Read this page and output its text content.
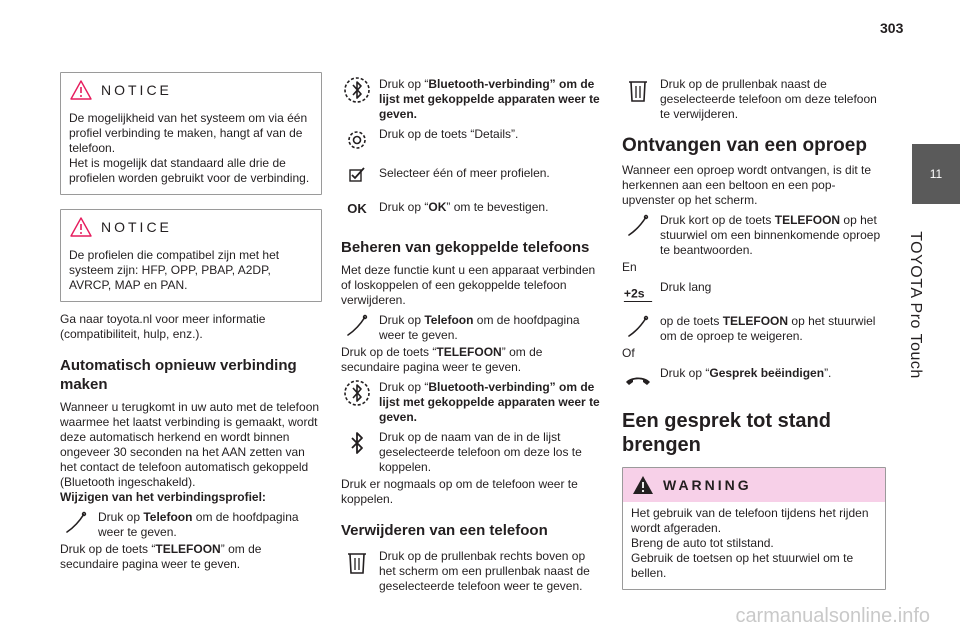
303
11
TOYOTA Pro Touch
NOTICE

De mogelijkheid van het systeem om via één profiel verbinding te maken, hangt af van de telefoon.
Het is mogelijk dat standaard alle drie de profielen worden gebruikt voor de verbinding.

NOTICE

De profielen die compatibel zijn met het systeem zijn: HFP, OPP, PBAP, A2DP, AVRCP, MAP en PAN.

Ga naar toyota.nl voor meer informatie (compatibiliteit, hulp, enz.).

Automatisch opnieuw verbinding maken

Wanneer u terugkomt in uw auto met de telefoon waarmee het laatst verbinding is gemaakt, wordt deze automatisch herkend en wordt binnen ongeveer 30 seconden na het AAN zetten van het contact de telefoon automatisch gekoppeld (Bluetooth ingeschakeld).

Wijzigen van het verbindingsprofiel:

Druk op Telefoon om de hoofdpagina weer te geven.

Druk op de toets “TELEFOON” om de secundaire pagina weer te geven.

Druk op “Bluetooth-verbinding” om de lijst met gekoppelde apparaten weer te geven.

Druk op de toets “Details”.

Selecteer één of meer profielen.

OK Druk op “OK” om te bevestigen.

Beheren van gekoppelde telefoons

Met deze functie kunt u een apparaat verbinden of loskoppelen of een gekoppelde telefoon verwijderen.

Druk op Telefoon om de hoofdpagina weer te geven.

Druk op de toets “TELEFOON” om de secundaire pagina weer te geven.

Druk op “Bluetooth-verbinding” om de lijst met gekoppelde apparaten weer te geven.

Druk op de naam van de in de lijst geselecteerde telefoon om deze los te koppelen.

Druk er nogmaals op om de telefoon weer te koppelen.

Verwijderen van een telefoon

Druk op de prullenbak rechts boven op het scherm om een prullenbak naast de geselecteerde telefoon weer te geven.

Druk op de prullenbak naast de geselecteerde telefoon om deze telefoon te verwijderen.

Ontvangen van een oproep

Wanneer een oproep wordt ontvangen, is dit te herkennen aan een beltoon en een pop-upvenster op het scherm.

Druk kort op de toets TELEFOON op het stuurwiel om een binnenkomende oproep te beantwoorden.

En

+2s Druk lang

op de toets TELEFOON op het stuurwiel om de oproep te weigeren.

Of

Druk op “Gesprek beëindigen”.

Een gesprek tot stand brengen
WARNING

Het gebruik van de telefoon tijdens het rijden wordt afgeraden.
Breng de auto tot stilstand.
Gebruik de toetsen op het stuurwiel om te bellen.

carmanualsonline.info
